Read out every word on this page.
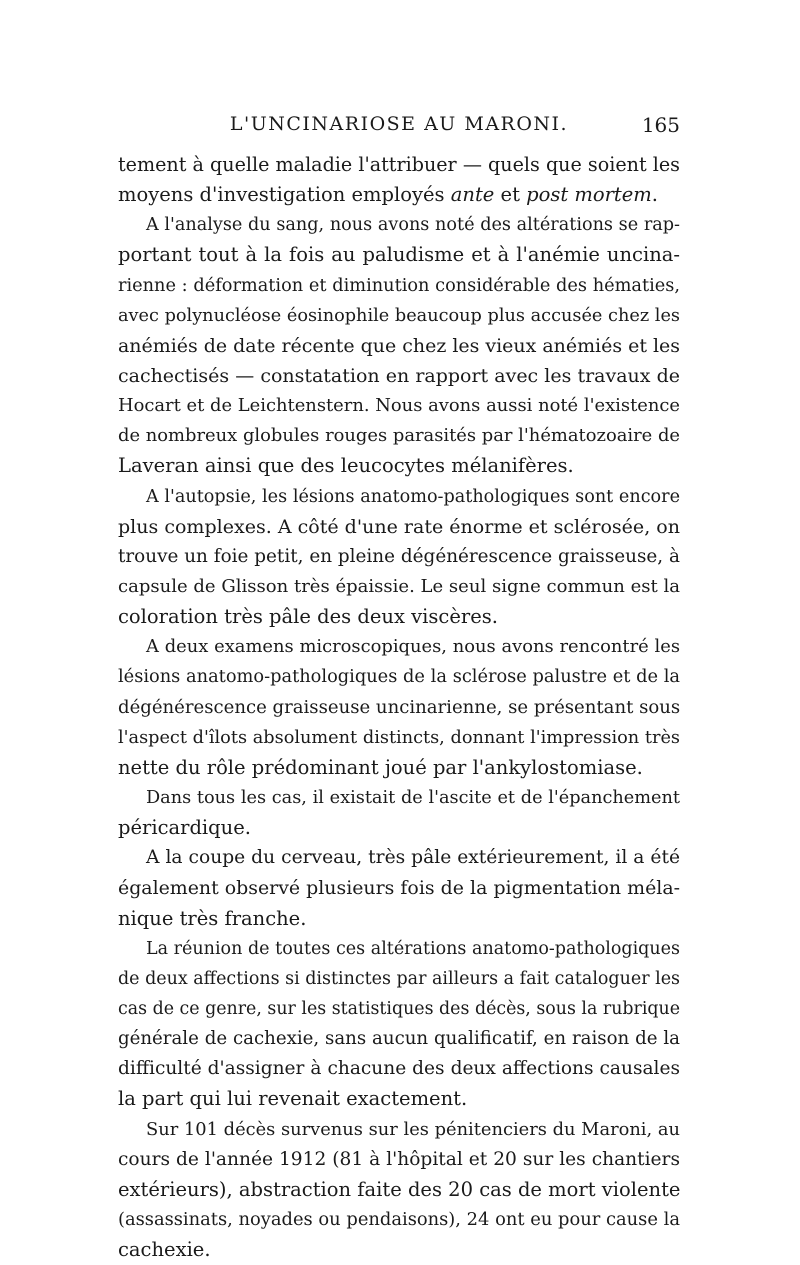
L'UNCINARIOSE AU MARONI.	165
tement à quelle maladie l'attribuer — quels que soient les
moyens d'investigation employés ante et post mortem.
A l'analyse du sang, nous avons noté des altérations se rap-
portant tout à la fois au paludisme et à l'anémie uncina-
rienne : déformation et diminution considérable des hématies,
avec polynucléose éosinophile beaucoup plus accusée chez les
anémiés de date récente que chez les vieux anémiés et les
cachectisés — constatation en rapport avec les travaux de
Hocart et de Leichtenstern. Nous avons aussi noté l'existence
de nombreux globules rouges parasités par l'hématozoaire de
Laveran ainsi que des leucocytes mélanifères.
A l'autopsie, les lésions anatomo-pathologiques sont encore
plus complexes. A côté d'une rate énorme et sclérosée, on
trouve un foie petit, en pleine dégénérescence graisseuse, à
capsule de Glisson très épaissie. Le seul signe commun est la
coloration très pâle des deux viscères.
A deux examens microscopiques, nous avons rencontré les
lésions anatomo-pathologiques de la sclérose palustre et de la
dégénérescence graisseuse uncinarienne, se présentant sous
l'aspect d'îlots absolument distincts, donnant l'impression très
nette du rôle prédominant joué par l'ankylostomiase.
Dans tous les cas, il existait de l'ascite et de l'épanchement
péricardique.
A la coupe du cerveau, très pâle extérieurement, il a été
également observé plusieurs fois de la pigmentation méla-
nique très franche.
La réunion de toutes ces altérations anatomo-pathologiques
de deux affections si distinctes par ailleurs a fait cataloguer les
cas de ce genre, sur les statistiques des décès, sous la rubrique
générale de cachexie, sans aucun qualificatif, en raison de la
difficulté d'assigner à chacune des deux affections causales
la part qui lui revenait exactement.
Sur 101 décès survenus sur les pénitenciers du Maroni, au
cours de l'année 1912 (81 à l'hôpital et 20 sur les chantiers
extérieurs), abstraction faite des 20 cas de mort violente
(assassinats, noyades ou pendaisons), 24 ont eu pour cause la
cachexie.
